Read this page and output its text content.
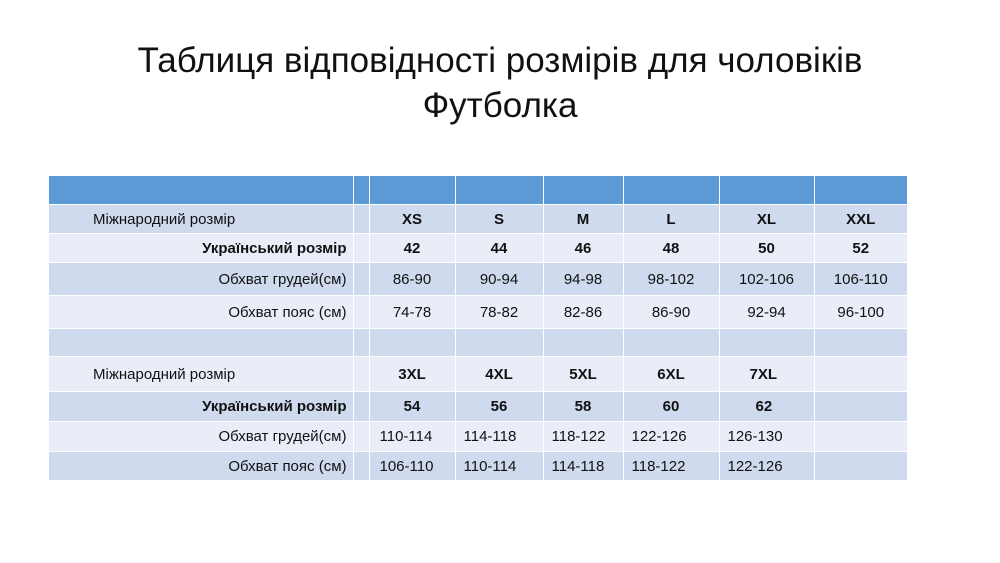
Таблиця відповідності розмірів для чоловіків
Футболка

Міжнародний розмір		XS	S	M	L	XL	XXL
Український розмір		42	44	46	48	50	52
Обхват грудей(см)		86-90	90-94	94-98	98-102	102-106	106-110
Обхват пояс (см)		74-78	78-82	82-86	86-90	92-94	96-100

Міжнародний розмір		3XL	4XL	5XL	6XL	7XL	
Український розмір		54	56	58	60	62	
Обхват грудей(см)		110-114	114-118	118-122	122-126	126-130	
Обхват пояс (см)		106-110	110-114	114-118	118-122	122-126	
